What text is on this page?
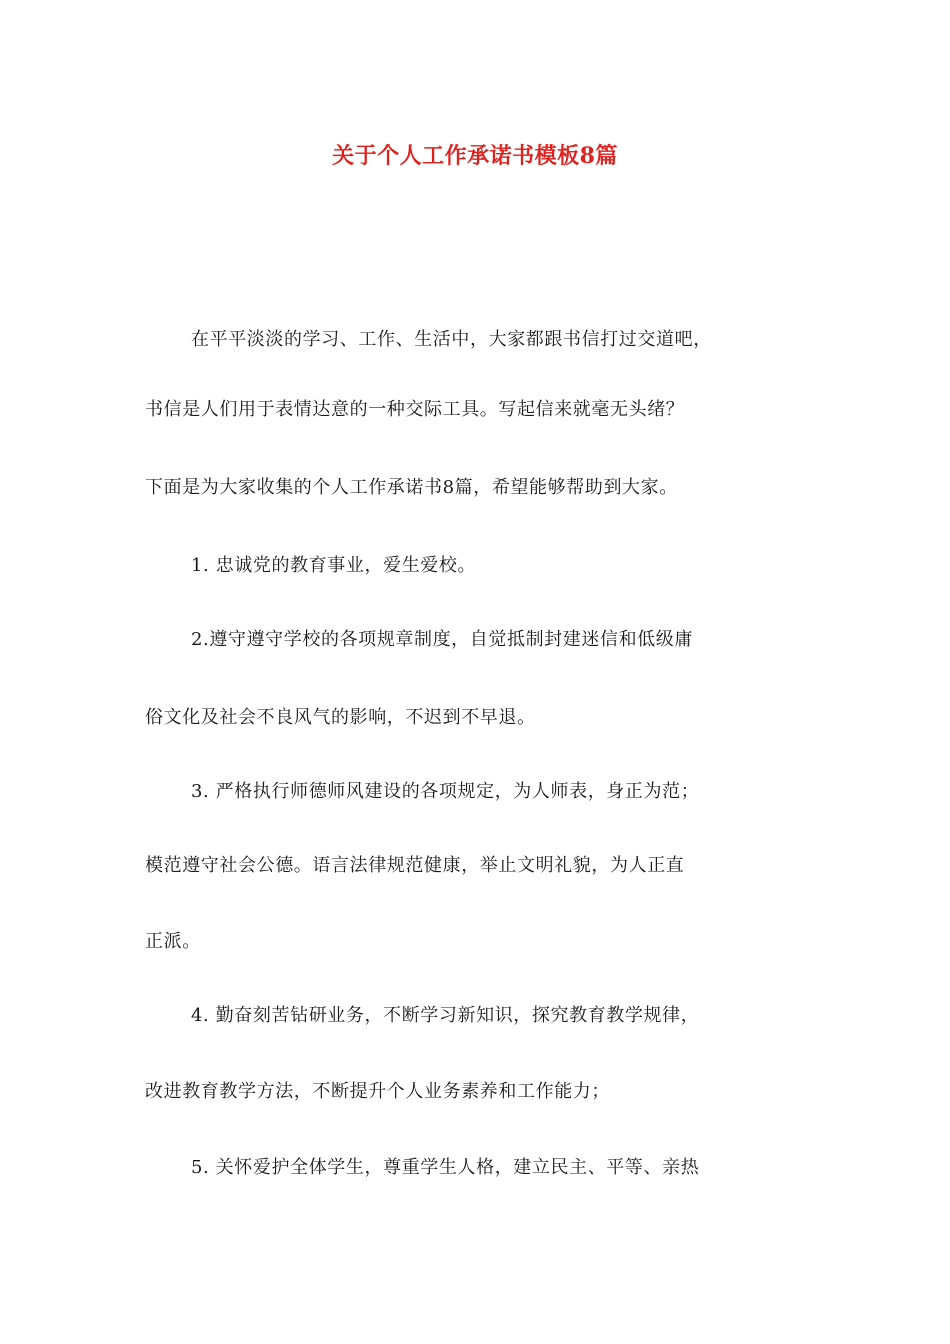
关于个人工作承诺书模板8篇
在平平淡淡的学习、工作、生活中，大家都跟书信打过交道吧，
书信是人们用于表情达意的一种交际工具。写起信来就毫无头绪？
下面是为大家收集的个人工作承诺书8篇，希望能够帮助到大家。
1. 忠诚党的教育事业，爱生爱校。
2.遵守遵守学校的各项规章制度，自觉抵制封建迷信和低级庸
俗文化及社会不良风气的影响，不迟到不早退。
3. 严格执行师德师风建设的各项规定，为人师表，身正为范；
模范遵守社会公德。语言法律规范健康，举止文明礼貌，为人正直
正派。
4. 勤奋刻苦钻研业务，不断学习新知识，探究教育教学规律，
改进教育教学方法，不断提升个人业务素养和工作能力；
5. 关怀爱护全体学生，尊重学生人格，建立民主、平等、亲热
